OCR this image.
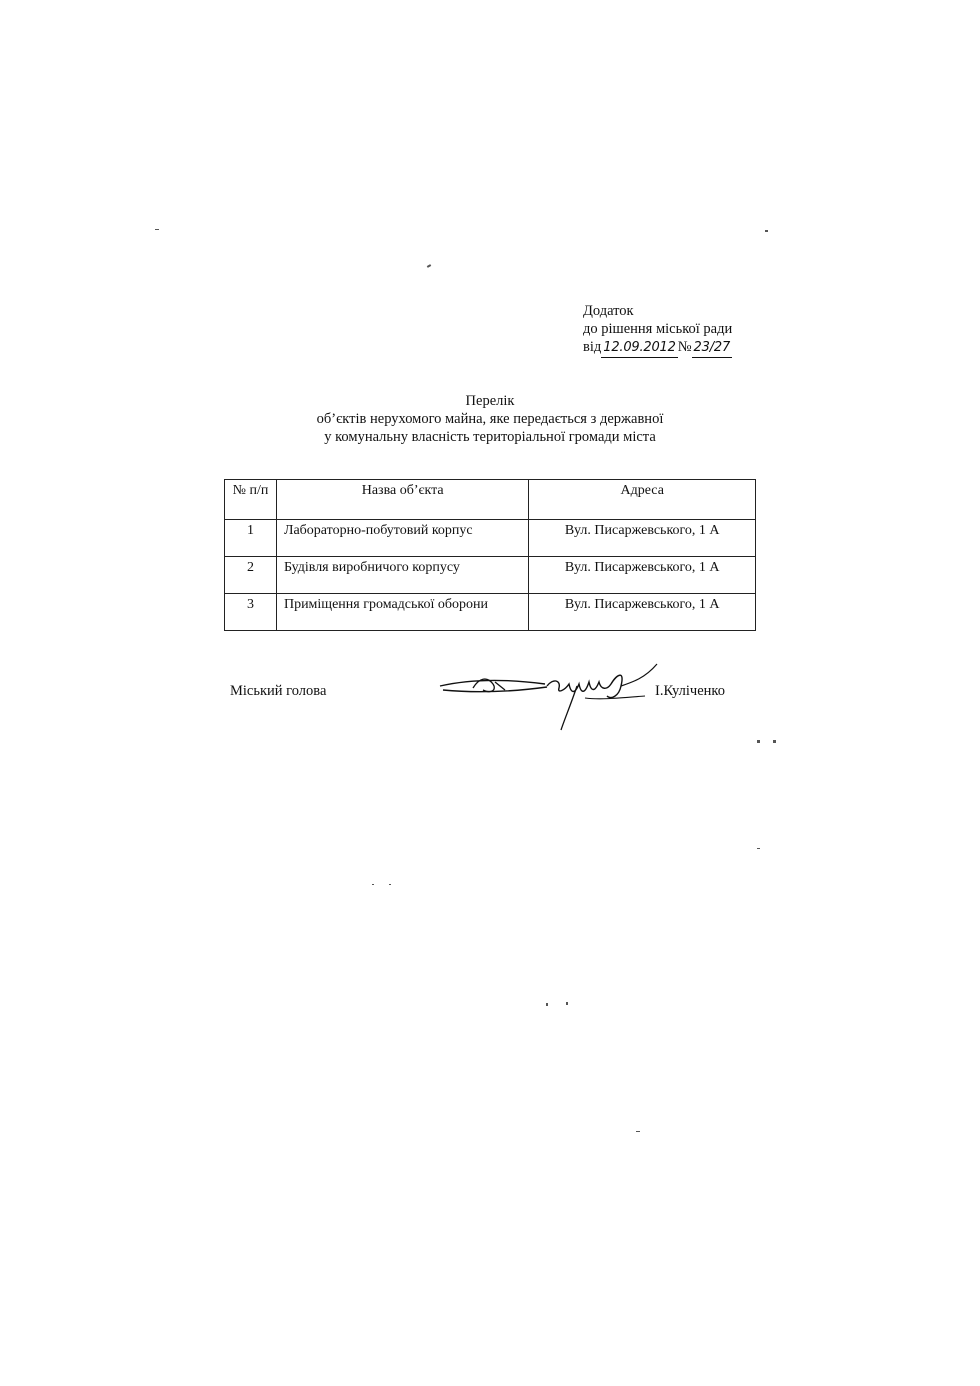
Додаток
до рішення міської ради
від 12.09.2012 № 23/27
Перелік
об’єктів нерухомого майна, яке передається з державної
у комунальну власність територіальної громади міста
№ п/п	Назва об’єкта	Адреса
1	Лабораторно-побутовий корпус	Вул. Писаржевського, 1 А
2	Будівля виробничого корпусу	Вул. Писаржевського, 1 А
3	Приміщення громадської оборони	Вул. Писаржевського, 1 А
Міський голова	І.Куліченко
